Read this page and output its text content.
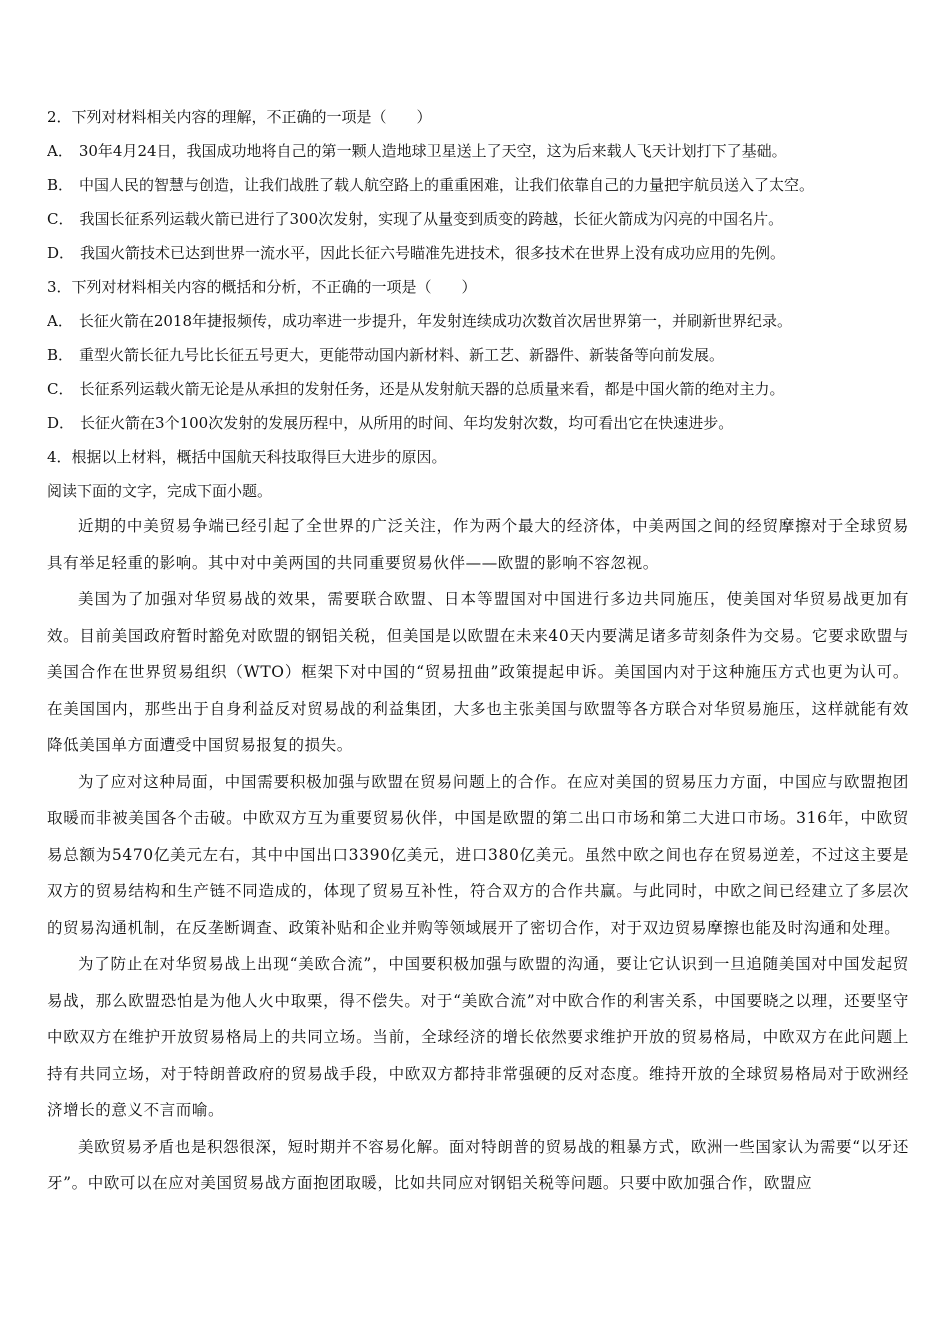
2．下列对材料相关内容的理解，不正确的一项是（　　）
A． 30年4月24日，我国成功地将自己的第一颗人造地球卫星送上了天空，这为后来载人飞天计划打下了基础。
B． 中国人民的智慧与创造，让我们战胜了载人航空路上的重重困难，让我们依靠自己的力量把宇航员送入了太空。
C． 我国长征系列运载火箭已进行了300次发射，实现了从量变到质变的跨越，长征火箭成为闪亮的中国名片。
D． 我国火箭技术已达到世界一流水平，因此长征六号瞄准先进技术，很多技术在世界上没有成功应用的先例。
3．下列对材料相关内容的概括和分析，不正确的一项是（　　）
A． 长征火箭在2018年捷报频传，成功率进一步提升，年发射连续成功次数首次居世界第一，并刷新世界纪录。
B． 重型火箭长征九号比长征五号更大，更能带动国内新材料、新工艺、新器件、新装备等向前发展。
C． 长征系列运载火箭无论是从承担的发射任务，还是从发射航天器的总质量来看，都是中国火箭的绝对主力。
D． 长征火箭在3个100次发射的发展历程中，从所用的时间、年均发射次数，均可看出它在快速进步。
4．根据以上材料，概括中国航天科技取得巨大进步的原因。
阅读下面的文字，完成下面小题。

近期的中美贸易争端已经引起了全世界的广泛关注，作为两个最大的经济体，中美两国之间的经贸摩擦对于全球贸易具有举足轻重的影响。其中对中美两国的共同重要贸易伙伴——欧盟的影响不容忽视。

美国为了加强对华贸易战的效果，需要联合欧盟、日本等盟国对中国进行多边共同施压，使美国对华贸易战更加有效。目前美国政府暂时豁免对欧盟的钢铝关税，但美国是以欧盟在未来40天内要满足诸多苛刻条件为交易。它要求欧盟与美国合作在世界贸易组织（WTO）框架下对中国的“贸易扭曲”政策提起申诉。美国国内对于这种施压方式也更为认可。在美国国内，那些出于自身利益反对贸易战的利益集团，大多也主张美国与欧盟等各方联合对华贸易施压，这样就能有效降低美国单方面遭受中国贸易报复的损失。

为了应对这种局面，中国需要积极加强与欧盟在贸易问题上的合作。在应对美国的贸易压力方面，中国应与欧盟抱团取暖而非被美国各个击破。中欧双方互为重要贸易伙伴，中国是欧盟的第二出口市场和第二大进口市场。316年，中欧贸易总额为5470亿美元左右，其中中国出口3390亿美元，进口380亿美元。虽然中欧之间也存在贸易逆差，不过这主要是双方的贸易结构和生产链不同造成的，体现了贸易互补性，符合双方的合作共赢。与此同时，中欧之间已经建立了多层次的贸易沟通机制，在反垄断调查、政策补贴和企业并购等领域展开了密切合作，对于双边贸易摩擦也能及时沟通和处理。

为了防止在对华贸易战上出现“美欧合流”，中国要积极加强与欧盟的沟通，要让它认识到一旦追随美国对中国发起贸易战，那么欧盟恐怕是为他人火中取栗，得不偿失。对于“美欧合流”对中欧合作的利害关系，中国要晓之以理，还要坚守中欧双方在维护开放贸易格局上的共同立场。当前，全球经济的增长依然要求维护开放的贸易格局，中欧双方在此问题上持有共同立场，对于特朗普政府的贸易战手段，中欧双方都持非常强硬的反对态度。维持开放的全球贸易格局对于欧洲经济增长的意义不言而喻。

美欧贸易矛盾也是积怨很深，短时期并不容易化解。面对特朗普的贸易战的粗暴方式，欧洲一些国家认为需要“以牙还牙”。中欧可以在应对美国贸易战方面抱团取暖，比如共同应对钢铝关税等问题。只要中欧加强合作，欧盟应
